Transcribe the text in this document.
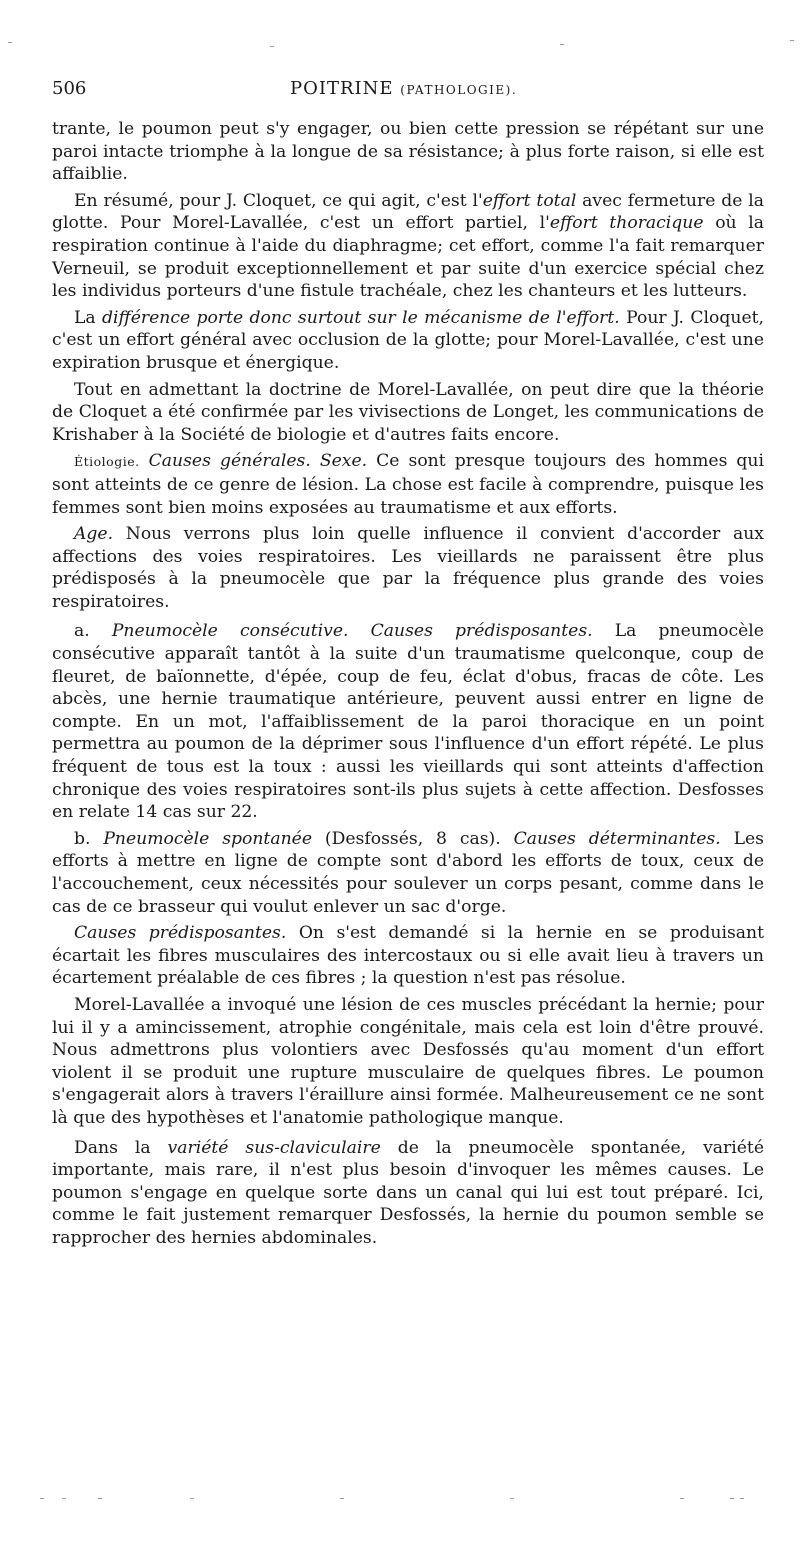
506	POITRINE (PATHOLOGIE).

trante, le poumon peut s'y engager, ou bien cette pression se répétant sur une paroi intacte triomphe à la longue de sa résistance; à plus forte raison, si elle est affaiblie.

En résumé, pour J. Cloquet, ce qui agit, c'est l'effort total avec fermeture de la glotte. Pour Morel-Lavallée, c'est un effort partiel, l'effort thoracique où la respiration continue à l'aide du diaphragme; cet effort, comme l'a fait remarquer Verneuil, se produit exceptionnellement et par suite d'un exercice spécial chez les individus porteurs d'une fistule trachéale, chez les chanteurs et les lutteurs.

La différence porte donc surtout sur le mécanisme de l'effort. Pour J. Cloquet, c'est un effort général avec occlusion de la glotte; pour Morel-Lavallée, c'est une expiration brusque et énergique.

Tout en admettant la doctrine de Morel-Lavallée, on peut dire que la théorie de Cloquet a été confirmée par les vivisections de Longet, les communications de Krishaber à la Société de biologie et d'autres faits encore.

Étiologie. Causes générales. Sexe. Ce sont presque toujours des hommes qui sont atteints de ce genre de lésion. La chose est facile à comprendre, puisque les femmes sont bien moins exposées au traumatisme et aux efforts.

Age. Nous verrons plus loin quelle influence il convient d'accorder aux affections des voies respiratoires. Les vieillards ne paraissent être plus prédisposés à la pneumocèle que par la fréquence plus grande des voies respiratoires.

a. Pneumocèle consécutive. Causes prédisposantes. La pneumocèle consécutive apparaît tantôt à la suite d'un traumatisme quelconque, coup de fleuret, de baïonnette, d'épée, coup de feu, éclat d'obus, fracas de côte. Les abcès, une hernie traumatique antérieure, peuvent aussi entrer en ligne de compte. En un mot, l'affaiblissement de la paroi thoracique en un point permettra au poumon de la déprimer sous l'influence d'un effort répété. Le plus fréquent de tous est la toux : aussi les vieillards qui sont atteints d'affection chronique des voies respiratoires sont-ils plus sujets à cette affection. Desfosses en relate 14 cas sur 22.

b. Pneumocèle spontanée (Desfossés, 8 cas). Causes déterminantes. Les efforts à mettre en ligne de compte sont d'abord les efforts de toux, ceux de l'accouchement, ceux nécessités pour soulever un corps pesant, comme dans le cas de ce brasseur qui voulut enlever un sac d'orge.

Causes prédisposantes. On s'est demandé si la hernie en se produisant écartait les fibres musculaires des intercostaux ou si elle avait lieu à travers un écartement préalable de ces fibres ; la question n'est pas résolue.

Morel-Lavallée a invoqué une lésion de ces muscles précédant la hernie; pour lui il y a amincissement, atrophie congénitale, mais cela est loin d'être prouvé. Nous admettrons plus volontiers avec Desfossés qu'au moment d'un effort violent il se produit une rupture musculaire de quelques fibres. Le poumon s'engagerait alors à travers l'éraillure ainsi formée. Malheureusement ce ne sont là que des hypothèses et l'anatomie pathologique manque.

Dans la variété sus-claviculaire de la pneumocèle spontanée, variété importante, mais rare, il n'est plus besoin d'invoquer les mêmes causes. Le poumon s'engage en quelque sorte dans un canal qui lui est tout préparé. Ici, comme le fait justement remarquer Desfossés, la hernie du poumon semble se rapprocher des hernies abdominales.
